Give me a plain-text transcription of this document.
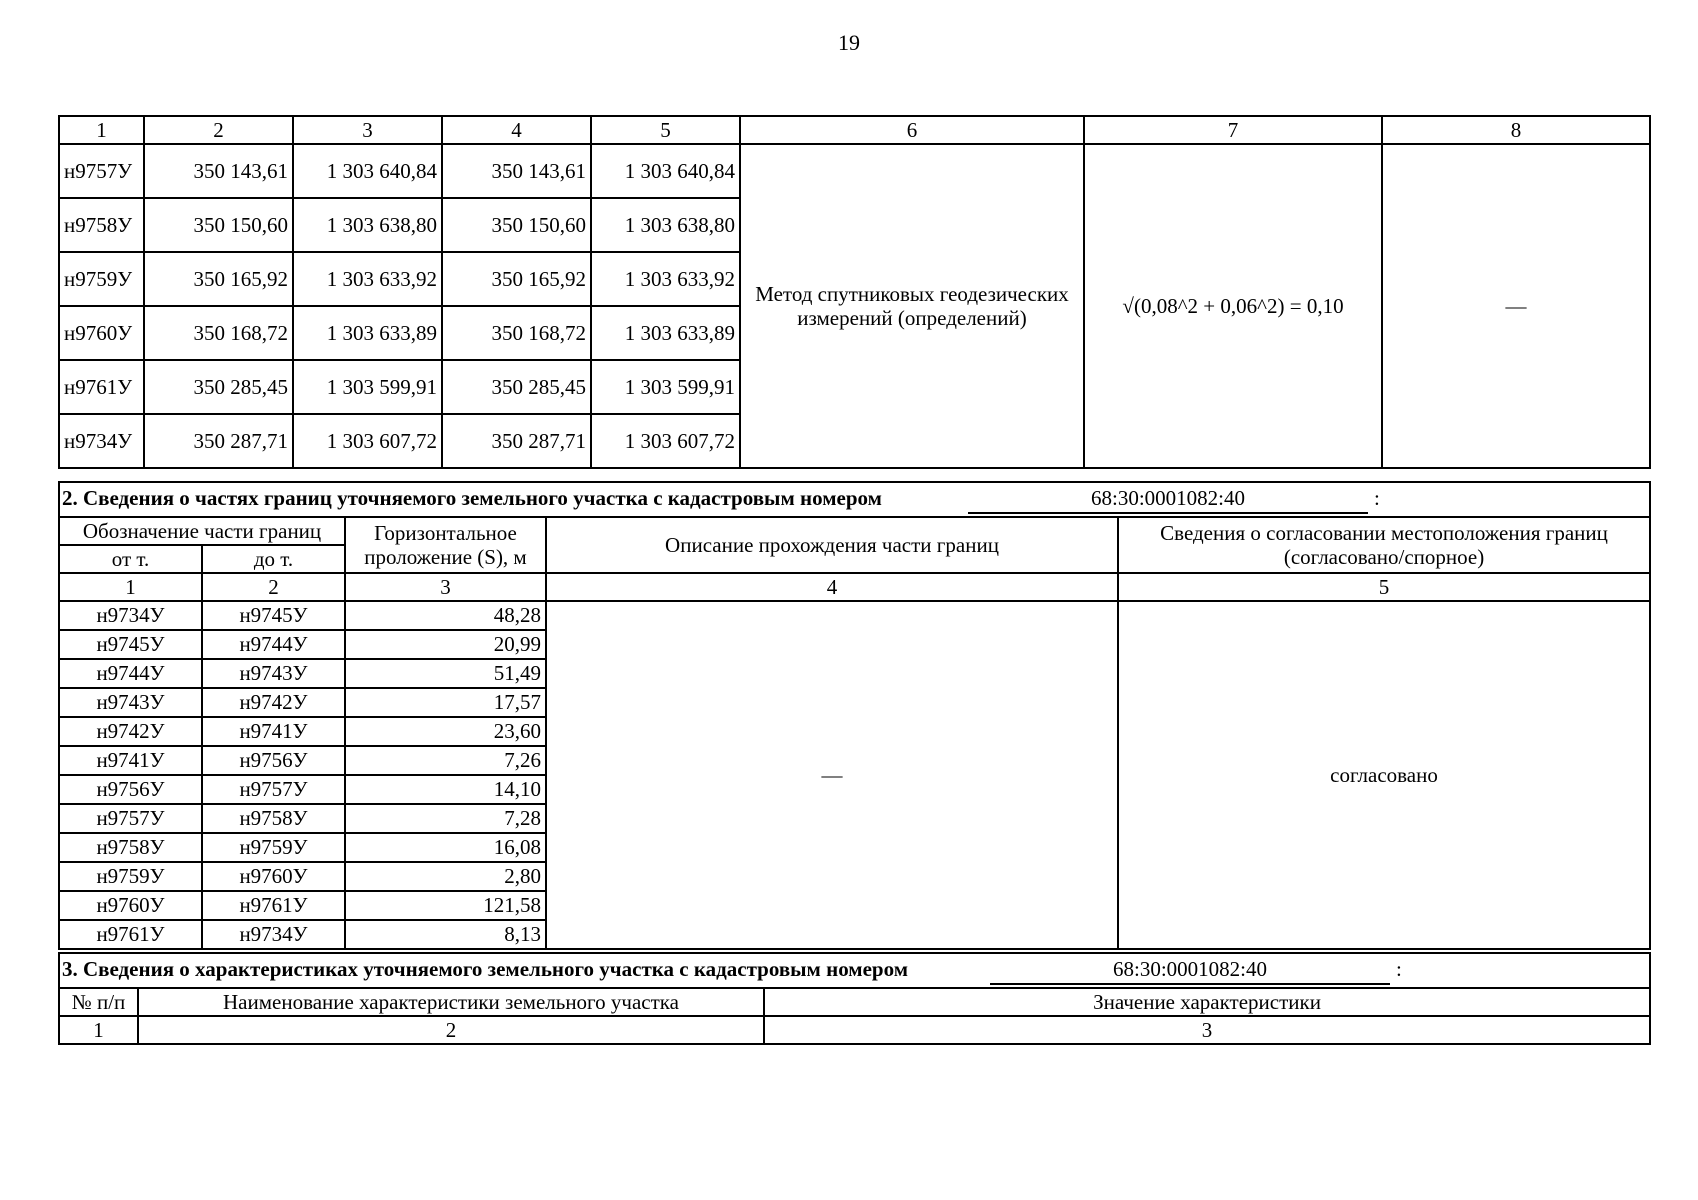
19
1	2	3	4	5	6	7	8
н9757У	350 143,61	1 303 640,84	350 143,61	1 303 640,84	Метод спутниковых геодезических измерений (определений)	√(0,08^2 + 0,06^2) = 0,10	—
н9758У	350 150,60	1 303 638,80	350 150,60	1 303 638,80			
н9759У	350 165,92	1 303 633,92	350 165,92	1 303 633,92			
н9760У	350 168,72	1 303 633,89	350 168,72	1 303 633,89			
н9761У	350 285,45	1 303 599,91	350 285,45	1 303 599,91			
н9734У	350 287,71	1 303 607,72	350 287,71	1 303 607,72			
2. Сведения о частях границ уточняемого земельного участка с кадастровым номером 68:30:0001082:40 :				

Обозначение части границ		Горизонтальное проложение (S), м	Описание прохождения части границ	Сведения о согласовании местоположения границ (согласовано/спорное)
от т.	до т.			
1	2	3	4	5
н9734У	н9745У	48,28	—	согласовано
н9745У	н9744У	20,99		
н9744У	н9743У	51,49		
н9743У	н9742У	17,57		
н9742У	н9741У	23,60		
н9741У	н9756У	7,26		
н9756У	н9757У	14,10		
н9757У	н9758У	7,28		
н9758У	н9759У	16,08		
н9759У	н9760У	2,80		
н9760У	н9761У	121,58		
н9761У	н9734У	8,13		
3. Сведения о характеристиках уточняемого земельного участка с кадастровым номером 68:30:0001082:40 :		

№ п/п	Наименование характеристики земельного участка	Значение характеристики
1	2	3
